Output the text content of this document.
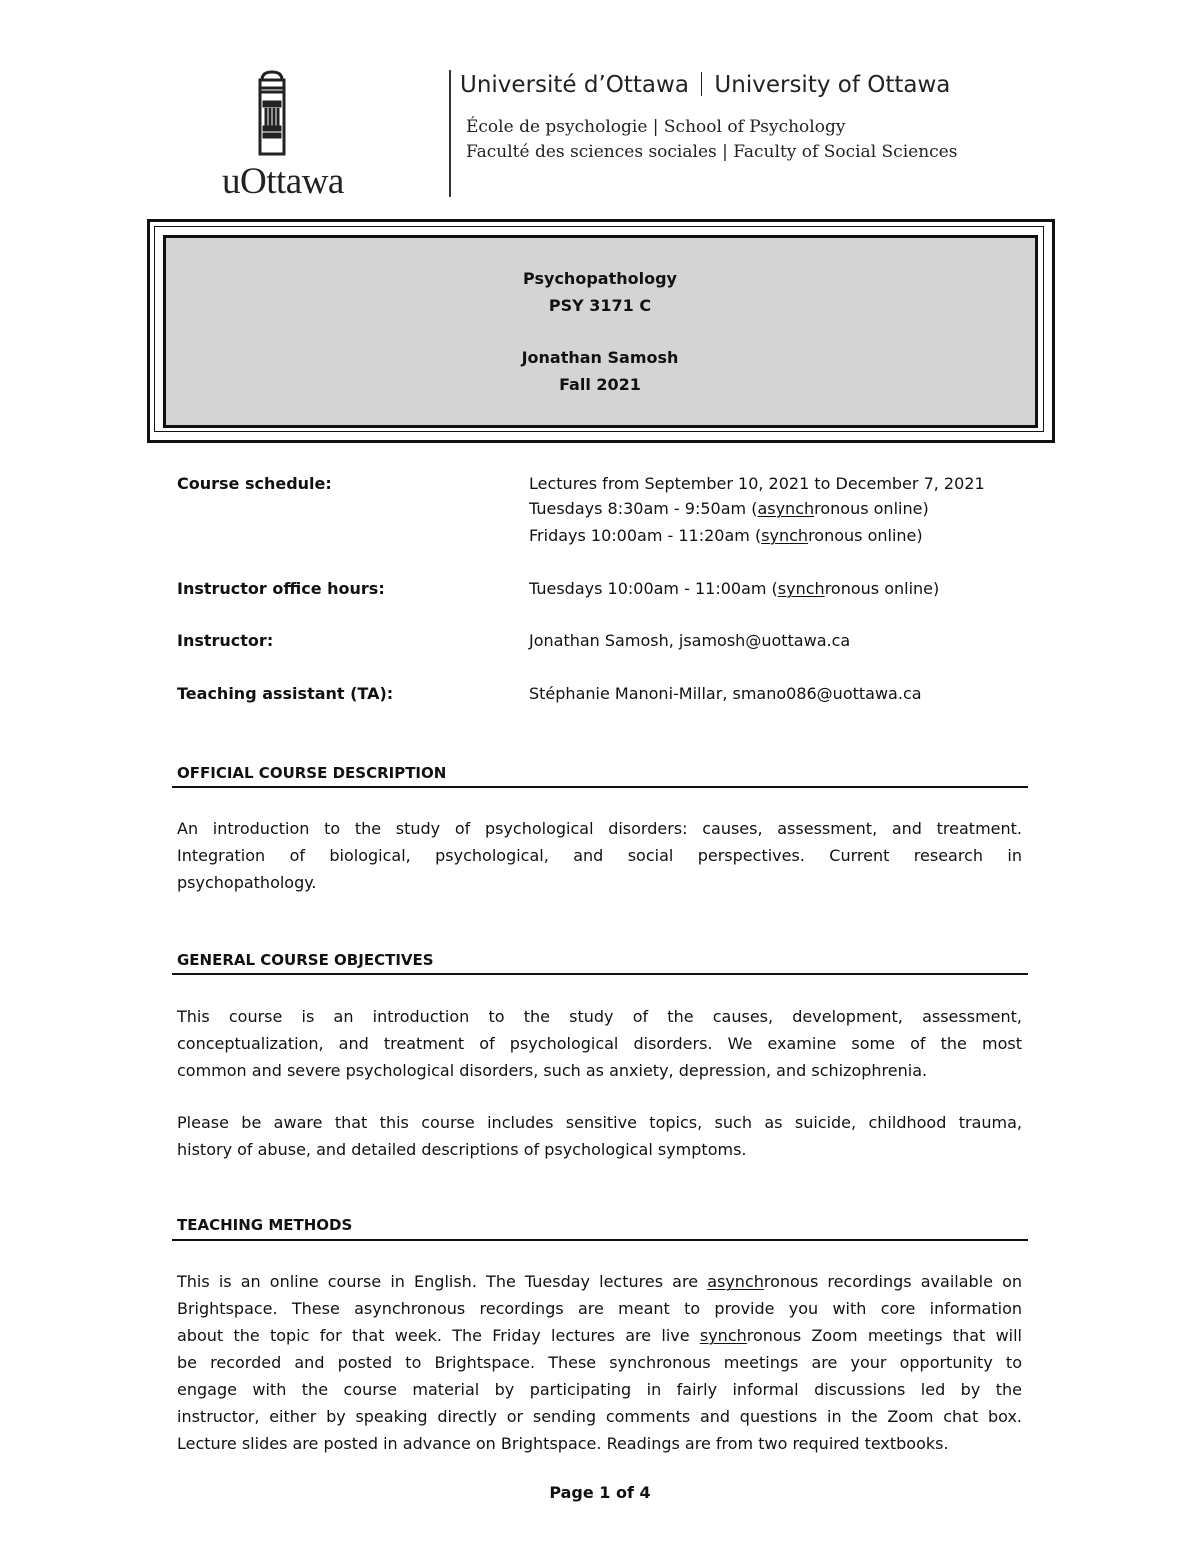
uOttawa
Université d’Ottawa University of Ottawa
École de psychologie | School of Psychology
Faculté des sciences sociales | Faculty of Social Sciences
Psychopathology
PSY 3171 C
Jonathan Samosh
Fall 2021
Course schedule:	Lectures from September 10, 2021 to December 7, 2021
Tuesdays 8:30am - 9:50am (asynchronous online)
Fridays 10:00am - 11:20am (synchronous online)
Instructor office hours:	Tuesdays 10:00am - 11:00am (synchronous online)
Instructor:	Jonathan Samosh, jsamosh@uottawa.ca
Teaching assistant (TA):	Stéphanie Manoni-Millar, smano086@uottawa.ca
OFFICIAL COURSE DESCRIPTION
An introduction to the study of psychological disorders: causes, assessment, and treatment.
Integration of biological, psychological, and social perspectives. Current research in
psychopathology.
GENERAL COURSE OBJECTIVES
This course is an introduction to the study of the causes, development, assessment,
conceptualization, and treatment of psychological disorders. We examine some of the most
common and severe psychological disorders, such as anxiety, depression, and schizophrenia.
Please be aware that this course includes sensitive topics, such as suicide, childhood trauma,
history of abuse, and detailed descriptions of psychological symptoms.
TEACHING METHODS
This is an online course in English. The Tuesday lectures are asynchronous recordings available on
Brightspace. These asynchronous recordings are meant to provide you with core information
about the topic for that week. The Friday lectures are live synchronous Zoom meetings that will
be recorded and posted to Brightspace. These synchronous meetings are your opportunity to
engage with the course material by participating in fairly informal discussions led by the
instructor, either by speaking directly or sending comments and questions in the Zoom chat box.
Lecture slides are posted in advance on Brightspace. Readings are from two required textbooks.
Page 1 of 4
